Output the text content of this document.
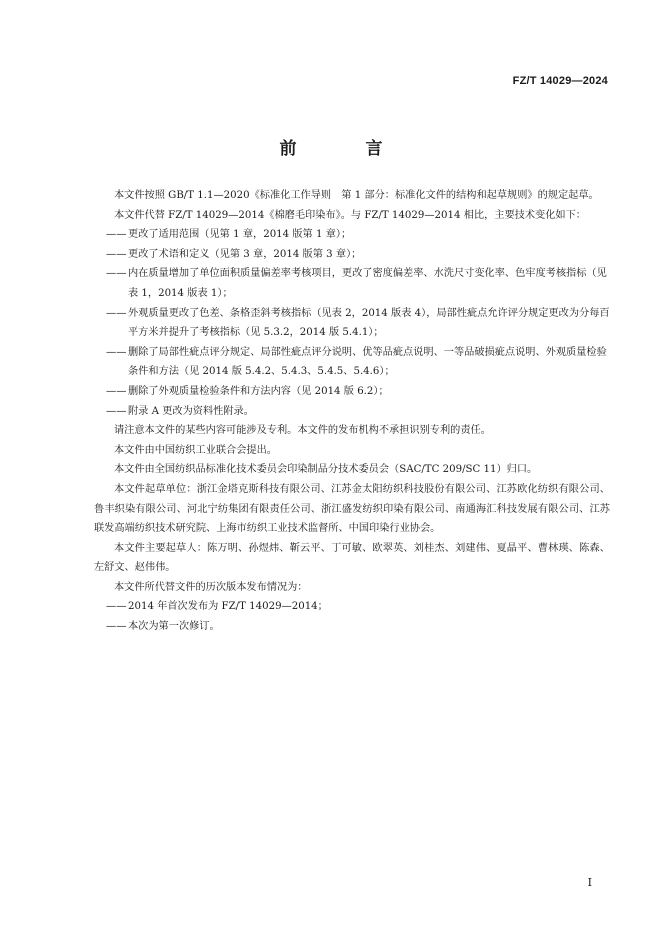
FZ/T 14029—2024
前　言

本文件按照 GB/T 1.1—2020《标准化工作导则　第 1 部分：标准化文件的结构和起草规则》的规定起草。

本文件代替 FZ/T 14029—2014《棉磨毛印染布》。与 FZ/T 14029—2014 相比，主要技术变化如下：

—— 更改了适用范围（见第 1 章，2014 版第 1 章）；

—— 更改了术语和定义（见第 3 章，2014 版第 3 章）；

—— 内在质量增加了单位面积质量偏差率考核项目，更改了密度偏差率、水洗尺寸变化率、色牢度考核指标（见表 1，2014 版表 1）；

—— 外观质量更改了色差、条格歪斜考核指标（见表 2，2014 版表 4），局部性疵点允许评分规定更改为分每百平方米并提升了考核指标（见 5.3.2，2014 版 5.4.1）；

—— 删除了局部性疵点评分规定、局部性疵点评分说明、优等品疵点说明、一等品破损疵点说明、外观质量检验条件和方法（见 2014 版 5.4.2、5.4.3、5.4.5、5.4.6）；

—— 删除了外观质量检验条件和方法内容（见 2014 版 6.2）；

—— 附录 A 更改为资料性附录。

请注意本文件的某些内容可能涉及专利。本文件的发布机构不承担识别专利的责任。

本文件由中国纺织工业联合会提出。

本文件由全国纺织品标准化技术委员会印染制品分技术委员会（SAC/TC 209/SC 11）归口。

本文件起草单位：浙江金塔克斯科技有限公司、江苏金太阳纺织科技股份有限公司、江苏欧化纺织有限公司、鲁丰织染有限公司、河北宁纺集团有限责任公司、浙江盛发纺织印染有限公司、南通海汇科技发展有限公司、江苏联发高端纺织技术研究院、上海市纺织工业技术监督所、中国印染行业协会。

本文件主要起草人：陈万明、孙煜炜、靳云平、丁可敏、欧翠英、刘桂杰、刘建伟、夏晶平、曹林瑛、陈森、左舒文、赵伟伟。

本文件所代替文件的历次版本发布情况为：

—— 2014 年首次发布为 FZ/T 14029—2014；

—— 本次为第一次修订。

I
